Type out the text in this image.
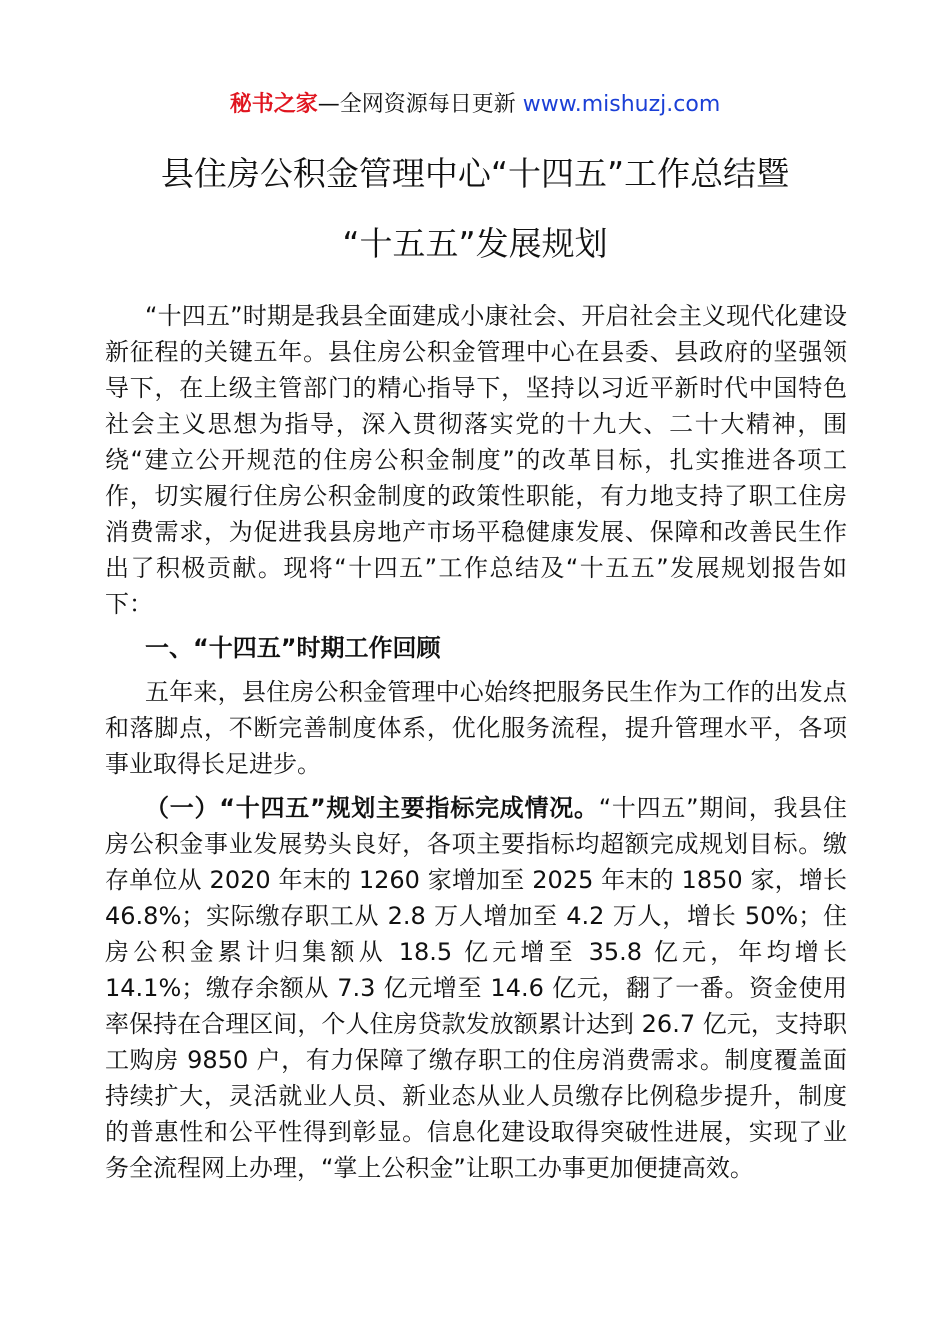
秘书之家—全网资源每日更新 www.mishuzj.com
县住房公积金管理中心“十四五”工作总结暨
“十五五”发展规划

“十四五”时期是我县全面建成小康社会、开启社会主义现代化建设新征程的关键五年。县住房公积金管理中心在县委、县政府的坚强领导下，在上级主管部门的精心指导下，坚持以习近平新时代中国特色社会主义思想为指导，深入贯彻落实党的十九大、二十大精神，围绕“建立公开规范的住房公积金制度”的改革目标，扎实推进各项工作，切实履行住房公积金制度的政策性职能，有力地支持了职工住房消费需求，为促进我县房地产市场平稳健康发展、保障和改善民生作出了积极贡献。现将“十四五”工作总结及“十五五”发展规划报告如下：

一、“十四五”时期工作回顾

五年来，县住房公积金管理中心始终把服务民生作为工作的出发点和落脚点，不断完善制度体系，优化服务流程，提升管理水平，各项事业取得长足进步。

（一）“十四五”规划主要指标完成情况。“十四五”期间，我县住房公积金事业发展势头良好，各项主要指标均超额完成规划目标。缴存单位从 2020 年末的 1260 家增加至 2025 年末的 1850 家，增长 46.8%；实际缴存职工从 2.8 万人增加至 4.2 万人，增长 50%；住房公积金累计归集额从 18.5 亿元增至 35.8 亿元，年均增长 14.1%；缴存余额从 7.3 亿元增至 14.6 亿元，翻了一番。资金使用率保持在合理区间，个人住房贷款发放额累计达到 26.7 亿元，支持职工购房 9850 户，有力保障了缴存职工的住房消费需求。制度覆盖面持续扩大，灵活就业人员、新业态从业人员缴存比例稳步提升，制度的普惠性和公平性得到彰显。信息化建设取得突破性进展，实现了业务全流程网上办理，“掌上公积金”让职工办事更加便捷高效。
